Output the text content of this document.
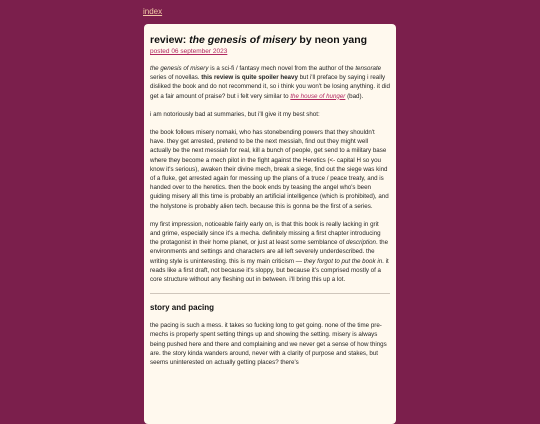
index
review: the genesis of misery by neon yang
posted 06 september 2023

the genesis of misery is a sci-fi / fantasy mech novel from the author of the tensorate series of novellas. this review is quite spoiler heavy but i'll preface by saying i really disliked the book and do not recommend it, so i think you won't be losing anything. it did get a fair amount of praise? but i felt very similar to the house of hunger (bad).

i am notoriously bad at summaries, but i'll give it my best shot:

the book follows misery nomaki, who has stonebending powers that they shouldn't have. they get arrested, pretend to be the next messiah, find out they might well actually be the next messiah for real, kill a bunch of people, get send to a military base where they become a mech pilot in the fight against the Heretics (<- capital H so you know it's serious), awaken their divine mech, break a siege, find out the siege was kind of a fluke, get arrested again for messing up the plans of a truce / peace treaty, and is handed over to the heretics. then the book ends by teasing the angel who's been guiding misery all this time is probably an artificial intelligence (which is prohibited), and the holystone is probably alien tech. because this is gonna be the first of a series.

my first impression, noticeable fairly early on, is that this book is really lacking in grit and grime, especially since it's a mecha. definitely missing a first chapter introducing the protagonist in their home planet, or just at least some semblance of description. the environments and settings and characters are all left severely underdescribed. the writing style is uninteresting. this is my main criticism — they forgot to put the book in. it reads like a first draft, not because it's sloppy, but because it's comprised mostly of a core structure without any fleshing out in between. i'll bring this up a lot.

story and pacing

the pacing is such a mess. it takes so fucking long to get going. none of the time pre-mechs is properly spent setting things up and showing the setting. misery is always being pushed here and there and complaining and we never get a sense of how things are. the story kinda wanders around, never with a clarity of purpose and stakes, but seems uninterested on actually getting places? there's
